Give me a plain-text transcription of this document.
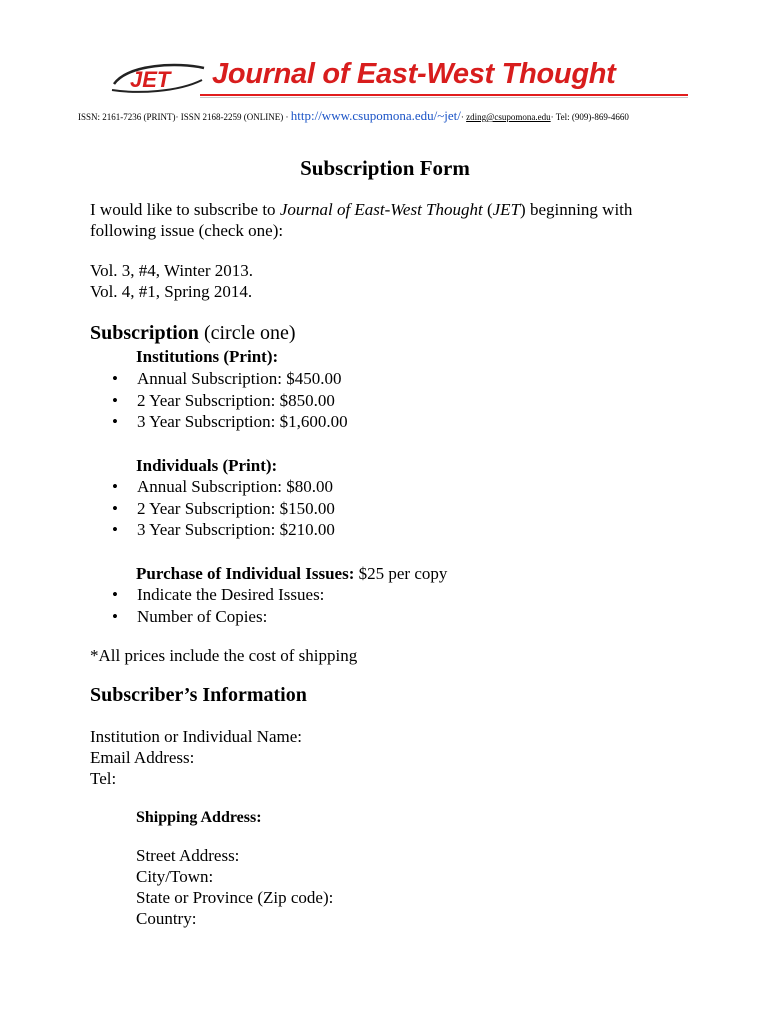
JET Journal of East-West Thought
ISSN: 2161-7236 (PRINT)· ISSN 2168-2259 (ONLINE) · http://www.csupomona.edu/~jet/· zding@csupomona.edu· Tel: (909)-869-4660
Subscription Form
I would like to subscribe to Journal of East-West Thought (JET) beginning with
following issue (check one):
Vol. 3, #4, Winter 2013.
Vol. 4, #1, Spring 2014.
Subscription (circle one)
Institutions (Print):
• Annual Subscription: $450.00
• 2 Year Subscription: $850.00
• 3 Year Subscription: $1,600.00
Individuals (Print):
• Annual Subscription: $80.00
• 2 Year Subscription: $150.00
• 3 Year Subscription: $210.00
Purchase of Individual Issues: $25 per copy
• Indicate the Desired Issues:
• Number of Copies:
*All prices include the cost of shipping
Subscriber’s Information
Institution or Individual Name:
Email Address:
Tel:
Shipping Address:
Street Address:
City/Town:
State or Province (Zip code):
Country:
